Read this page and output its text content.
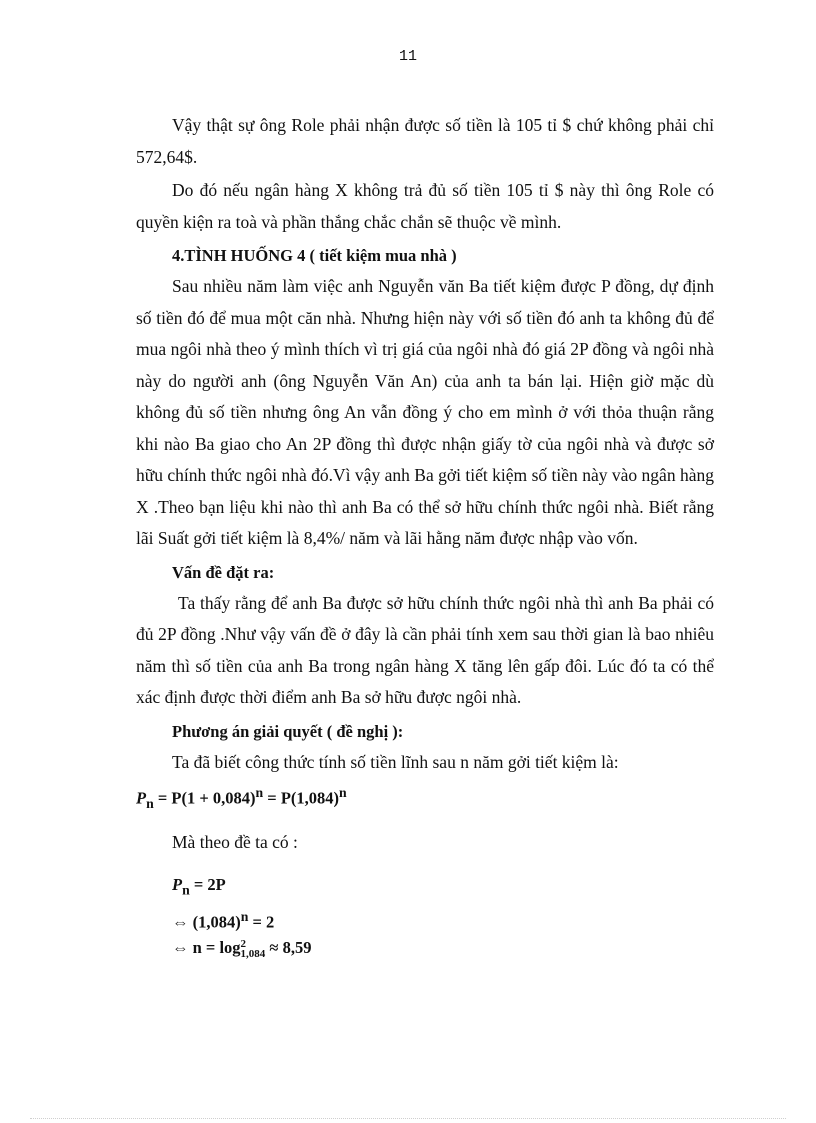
11

Vậy thật sự ông Role phải nhận được số tiền là 105 tỉ $ chứ không phải chỉ 572,64$.

Do đó nếu ngân hàng X không trả đủ số tiền 105 tỉ $ này thì ông Role có quyền kiện ra toà và phần thắng chắc chắn sẽ thuộc về mình.

4.TÌNH HUỐNG 4 ( tiết kiệm mua nhà )

Sau nhiều năm làm việc anh Nguyễn văn Ba tiết kiệm được P đồng, dự định số tiền đó để mua một căn nhà. Nhưng hiện này với số tiền đó anh ta không đủ để mua ngôi nhà theo ý mình thích vì trị giá của ngôi nhà đó giá 2P đồng và ngôi nhà này do người anh (ông Nguyễn Văn An) của anh ta bán lại. Hiện giờ mặc dù không đủ số tiền nhưng ông An vẫn đồng ý cho em mình ở với thỏa thuận rằng khi nào Ba giao cho An 2P đồng thì được nhận giấy tờ của ngôi nhà và được sở hữu chính thức ngôi nhà đó.Vì vậy anh Ba gởi tiết kiệm số tiền này vào ngân hàng X .Theo bạn liệu khi nào thì anh Ba có thể sở hữu chính thức ngôi nhà. Biết rằng lãi Suất gởi tiết kiệm là 8,4%/ năm và lãi hằng năm được nhập vào vốn.

Vấn đề đặt ra:

Ta thấy rằng để anh Ba được sở hữu chính thức ngôi nhà thì anh Ba phải có đủ 2P đồng .Như vậy vấn đề ở đây là cần phải tính xem sau thời gian là bao nhiêu năm thì số tiền của anh Ba trong ngân hàng X tăng lên gấp đôi. Lúc đó ta có thể xác định được thời điểm anh Ba sở hữu được ngôi nhà.

Phương án giải quyết ( đề nghị ):

Ta đã biết công thức tính số tiền lĩnh sau n năm gởi tiết kiệm là:

$P_n = P(1 + 0,084)^n = P(1,084)^n$

Mà theo đề ta có :

$P_n = 2P$
⇔ $(1,084)^n = 2$
⇔ n = log 2
1,084 ≈ 8,59
